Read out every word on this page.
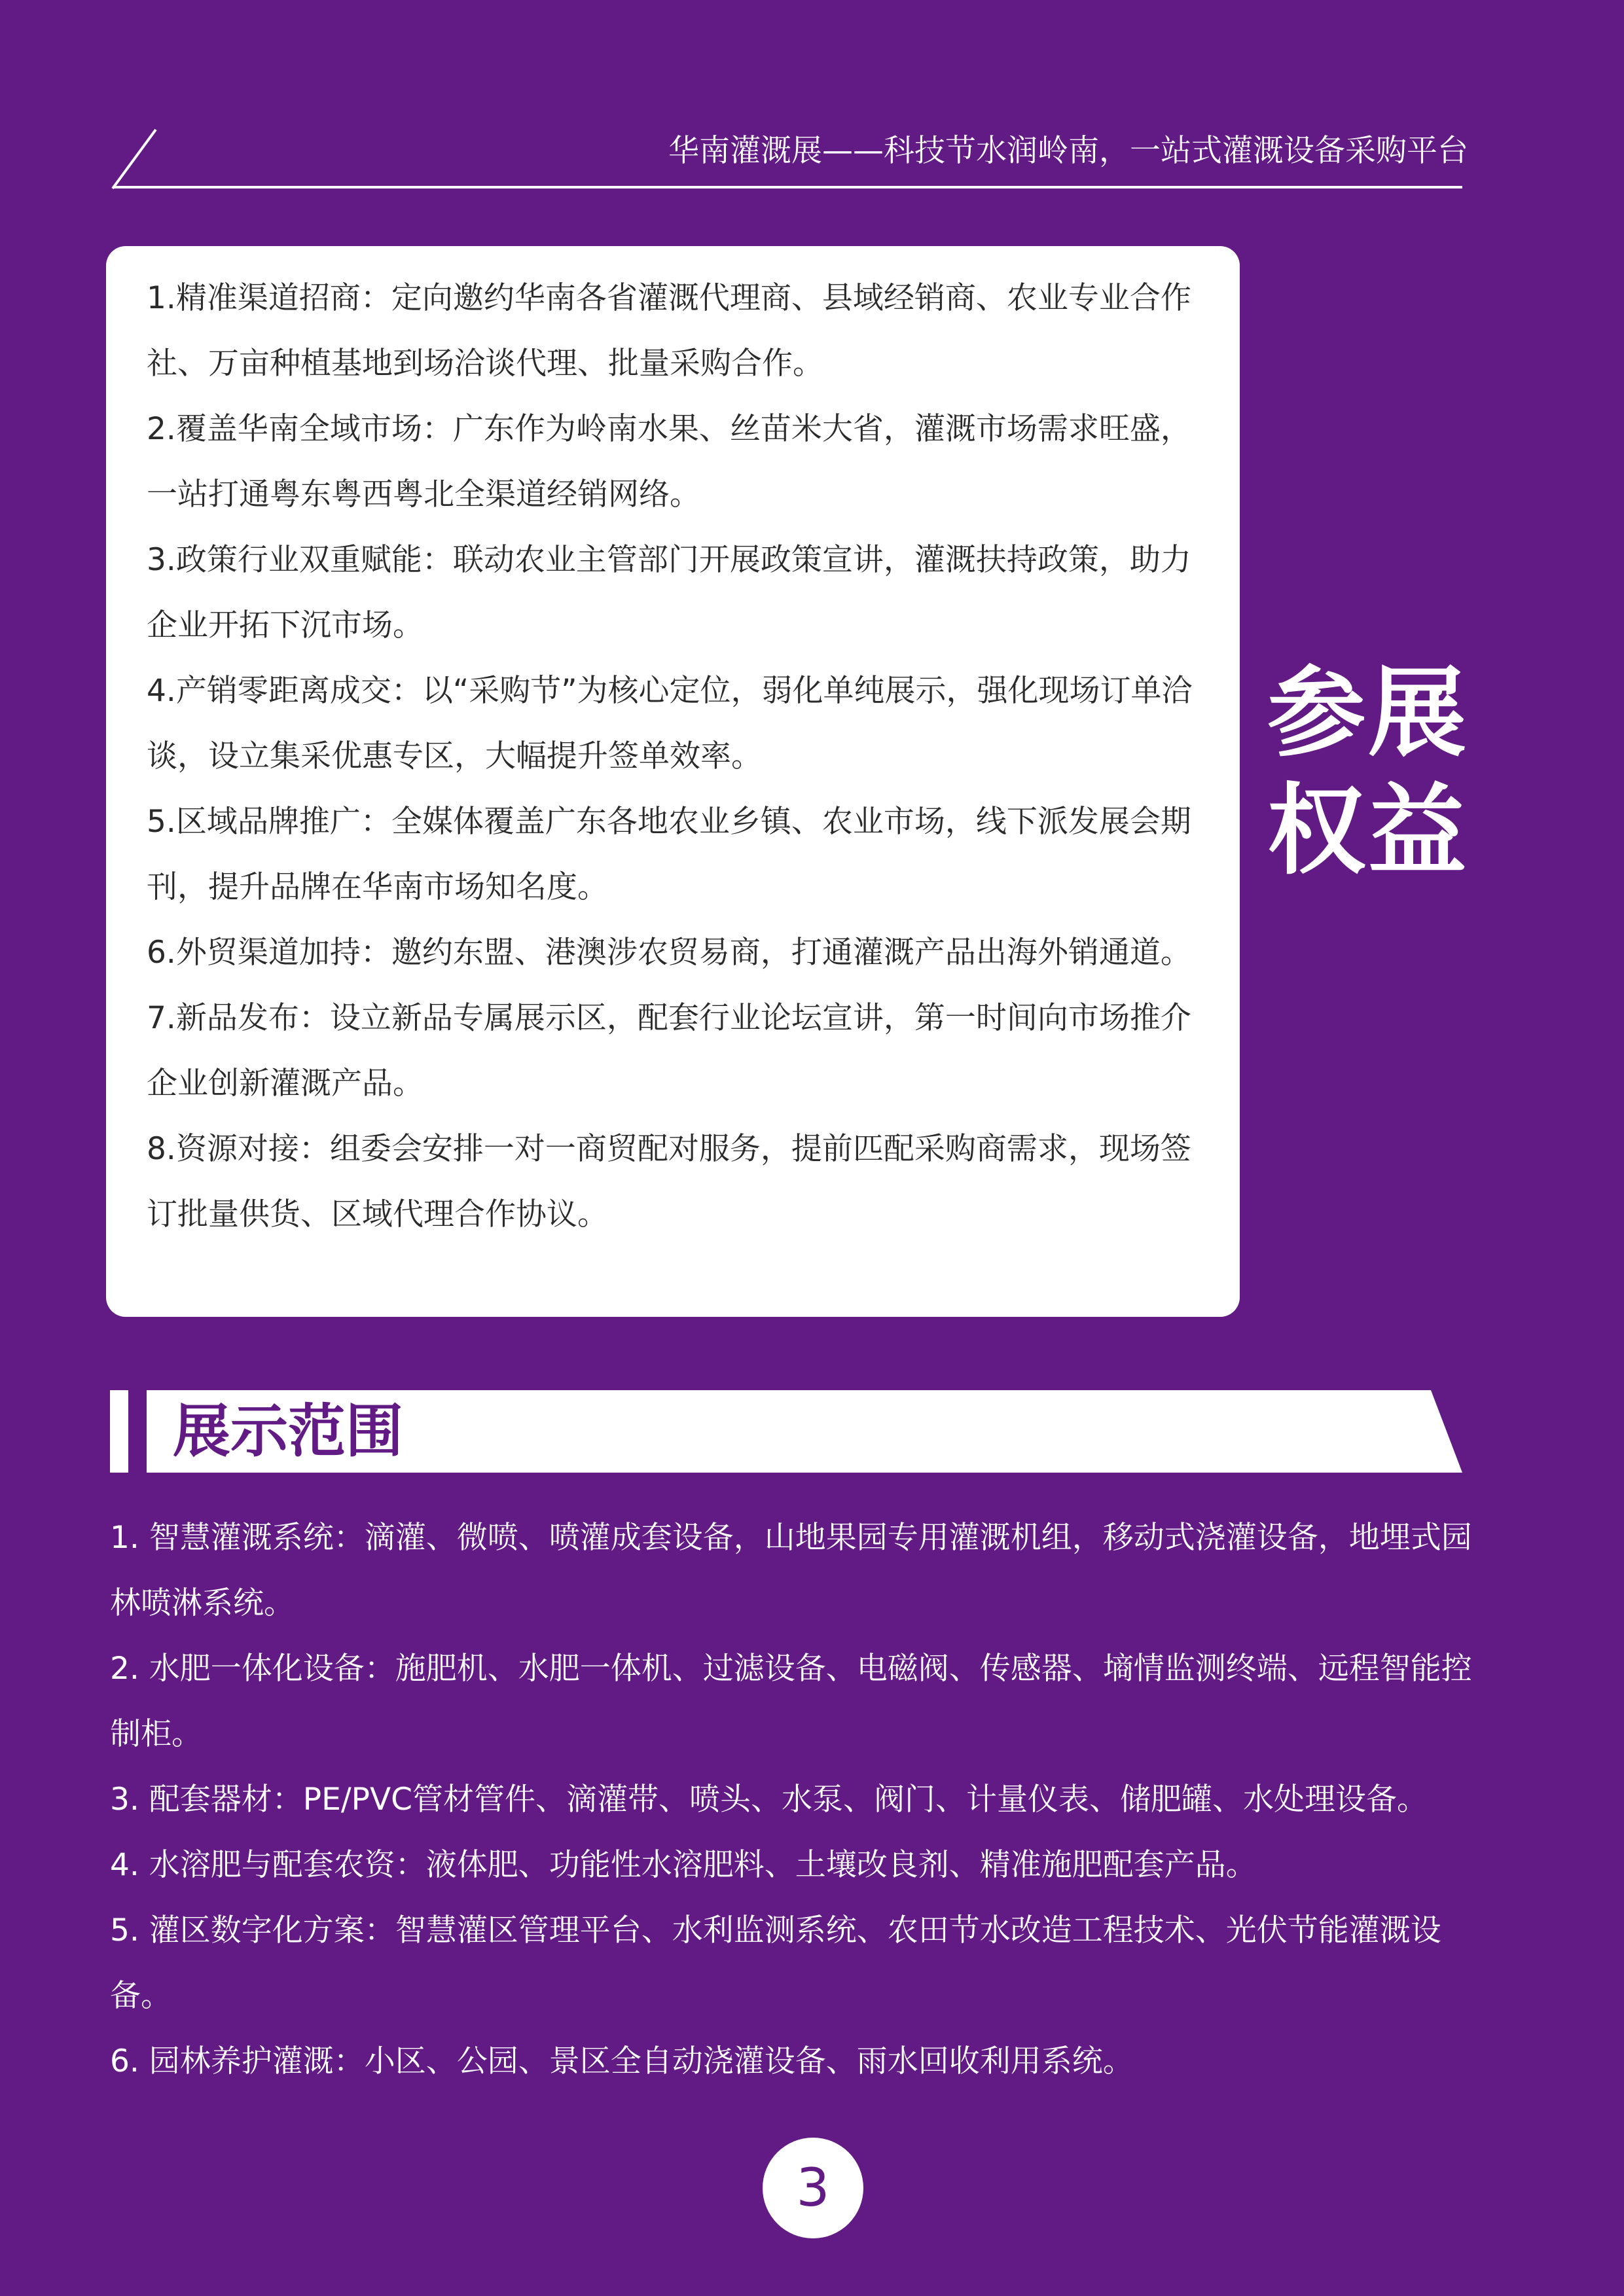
华南灌溉展——科技节水润岭南，一站式灌溉设备采购平台

1.精准渠道招商：定向邀约华南各省灌溉代理商、县域经销商、农业专业合作社、万亩种植基地到场洽谈代理、批量采购合作。

2.覆盖华南全域市场：广东作为岭南水果、丝苗米大省，灌溉市场需求旺盛，一站打通粤东粤西粤北全渠道经销网络。

3.政策行业双重赋能：联动农业主管部门开展政策宣讲，灌溉扶持政策，助力企业开拓下沉市场。

4.产销零距离成交：以“采购节”为核心定位，弱化单纯展示，强化现场订单洽谈，设立集采优惠专区，大幅提升签单效率。

5.区域品牌推广：全媒体覆盖广东各地农业乡镇、农业市场，线下派发展会期刊，提升品牌在华南市场知名度。

6.外贸渠道加持：邀约东盟、港澳涉农贸易商，打通灌溉产品出海外销通道。

7.新品发布：设立新品专属展示区，配套行业论坛宣讲，第一时间向市场推介企业创新灌溉产品。

8.资源对接：组委会安排一对一商贸配对服务，提前匹配采购商需求，现场签订批量供货、区域代理合作协议。

参展权益
展示范围

1. 智慧灌溉系统：滴灌、微喷、喷灌成套设备，山地果园专用灌溉机组，移动式浇灌设备，地埋式园林喷淋系统。

2. 水肥一体化设备：施肥机、水肥一体机、过滤设备、电磁阀、传感器、墒情监测终端、远程智能控制柜。

3. 配套器材：PE/PVC管材管件、滴灌带、喷头、水泵、阀门、计量仪表、储肥罐、水处理设备。

4. 水溶肥与配套农资：液体肥、功能性水溶肥料、土壤改良剂、精准施肥配套产品。

5. 灌区数字化方案：智慧灌区管理平台、水利监测系统、农田节水改造工程技术、光伏节能灌溉设备。

6. 园林养护灌溉：小区、公园、景区全自动浇灌设备、雨水回收利用系统。

3
